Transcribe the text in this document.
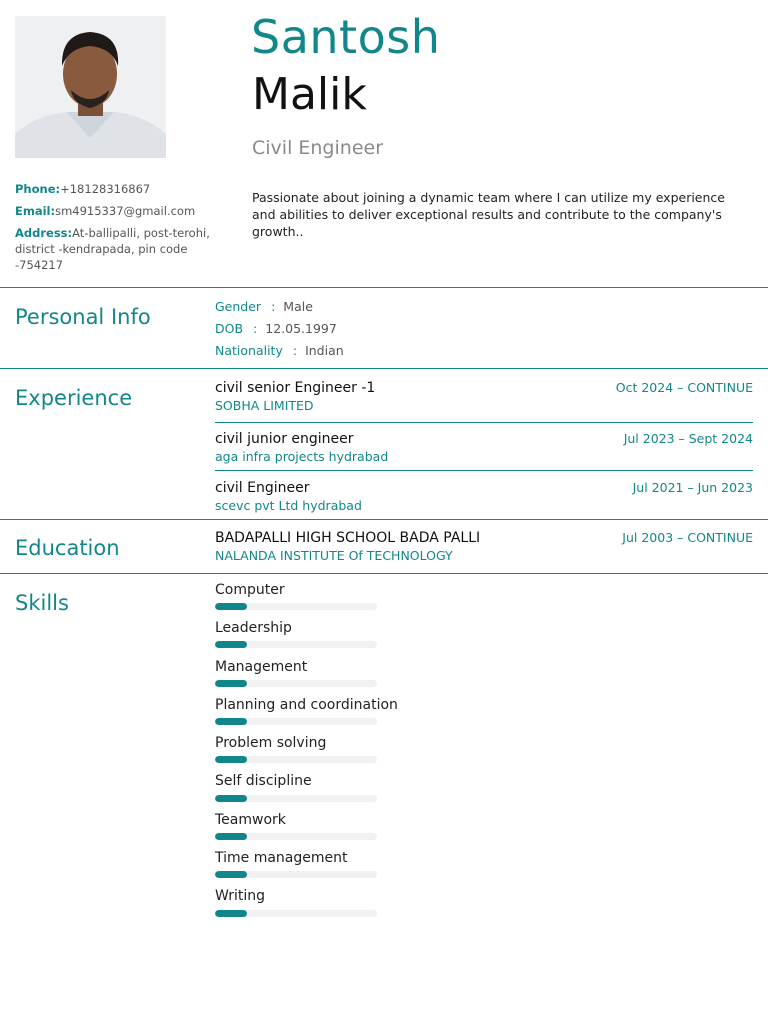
Santosh
Malik
Civil Engineer
Phone:+18128316867
Email:sm4915337@gmail.com
Address:At-ballipalli, post-terohi, district -kendrapada, pin code -754217
Passionate about joining a dynamic team where I can utilize my experience and abilities to deliver exceptional results and contribute to the company's growth..
Personal Info	Gender : Male
DOB : 12.05.1997
Nationality : Indian
Experience	civil senior Engineer -1	Oct 2024 – CONTINUE
SOBHA LIMITED
civil junior engineer	Jul 2023 – Sept 2024
aga infra projects hydrabad
civil Engineer	Jul 2021 – Jun 2023
scevc pvt Ltd hydrabad
Education	BADAPALLI HIGH SCHOOL BADA PALLI	Jul 2003 – CONTINUE
NALANDA INSTITUTE Of TECHNOLOGY
Skills
Computer
Leadership
Management
Planning and coordination
Problem solving
Self discipline
Teamwork
Time management
Writing
